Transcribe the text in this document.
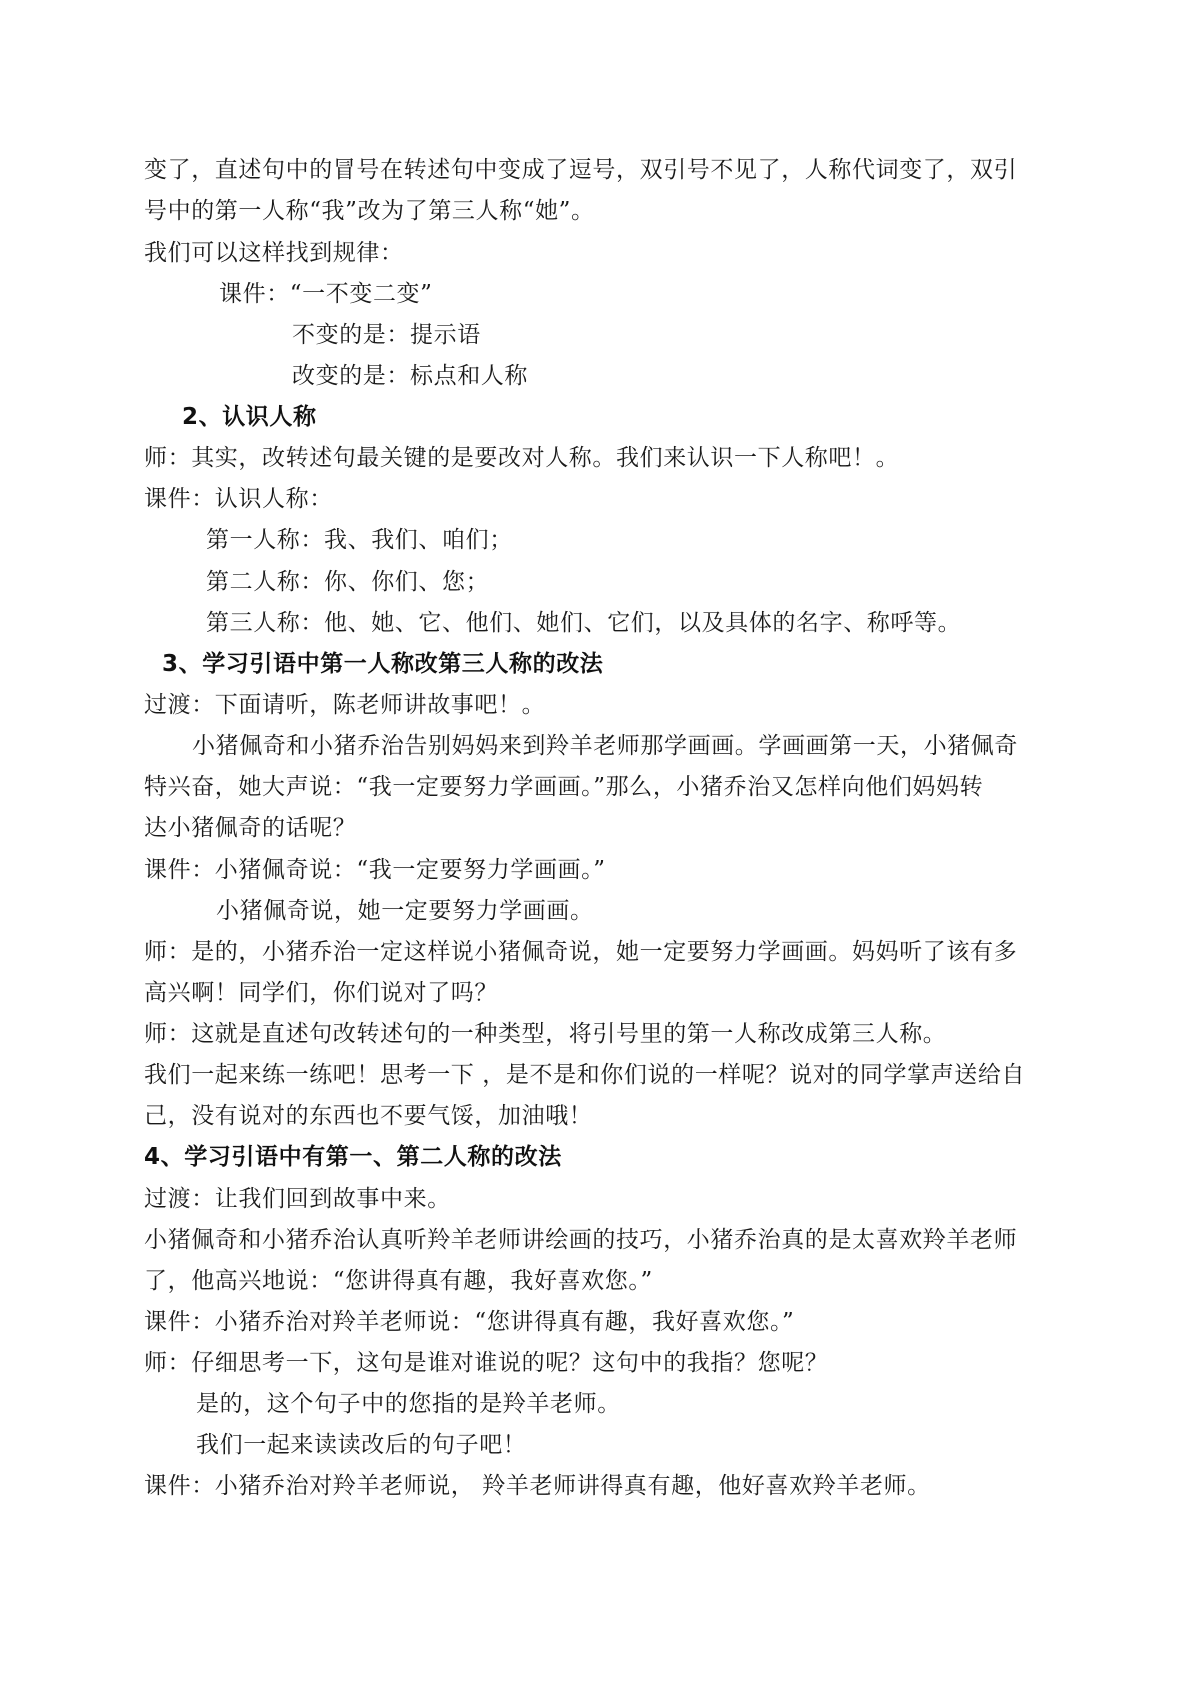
变了，直述句中的冒号在转述句中变成了逗号，双引号不见了，人称代词变了，双引
号中的第一人称“我”改为了第三人称“她”。
我们可以这样找到规律：
课件：“一不变二变”
不变的是：提示语
改变的是：标点和人称
2、认识人称
师：其实，改转述句最关键的是要改对人称。我们来认识一下人称吧！。
课件：认识人称：
第一人称：我、我们、咱们；
第二人称：你、你们、您；
第三人称：他、她、它、他们、她们、它们，以及具体的名字、称呼等。
3、学习引语中第一人称改第三人称的改法
过渡：下面请听，陈老师讲故事吧！。
小猪佩奇和小猪乔治告别妈妈来到羚羊老师那学画画。学画画第一天，小猪佩奇
特兴奋，她大声说：“我一定要努力学画画。”那么，小猪乔治又怎样向他们妈妈转
达小猪佩奇的话呢？
课件：小猪佩奇说：“我一定要努力学画画。”
小猪佩奇说，她一定要努力学画画。
师：是的，小猪乔治一定这样说小猪佩奇说，她一定要努力学画画。妈妈听了该有多
高兴啊！同学们，你们说对了吗？
师：这就是直述句改转述句的一种类型，将引号里的第一人称改成第三人称。
我们一起来练一练吧！思考一下 ，是不是和你们说的一样呢？说对的同学掌声送给自
己，没有说对的东西也不要气馁，加油哦！
4、学习引语中有第一、第二人称的改法
过渡：让我们回到故事中来。
小猪佩奇和小猪乔治认真听羚羊老师讲绘画的技巧，小猪乔治真的是太喜欢羚羊老师
了，他高兴地说：“您讲得真有趣，我好喜欢您。”
课件：小猪乔治对羚羊老师说：“您讲得真有趣，我好喜欢您。”
师：仔细思考一下，这句是谁对谁说的呢？这句中的我指？您呢？
是的，这个句子中的您指的是羚羊老师。
我们一起来读读改后的句子吧！
课件：小猪乔治对羚羊老师说， 羚羊老师讲得真有趣，他好喜欢羚羊老师。
